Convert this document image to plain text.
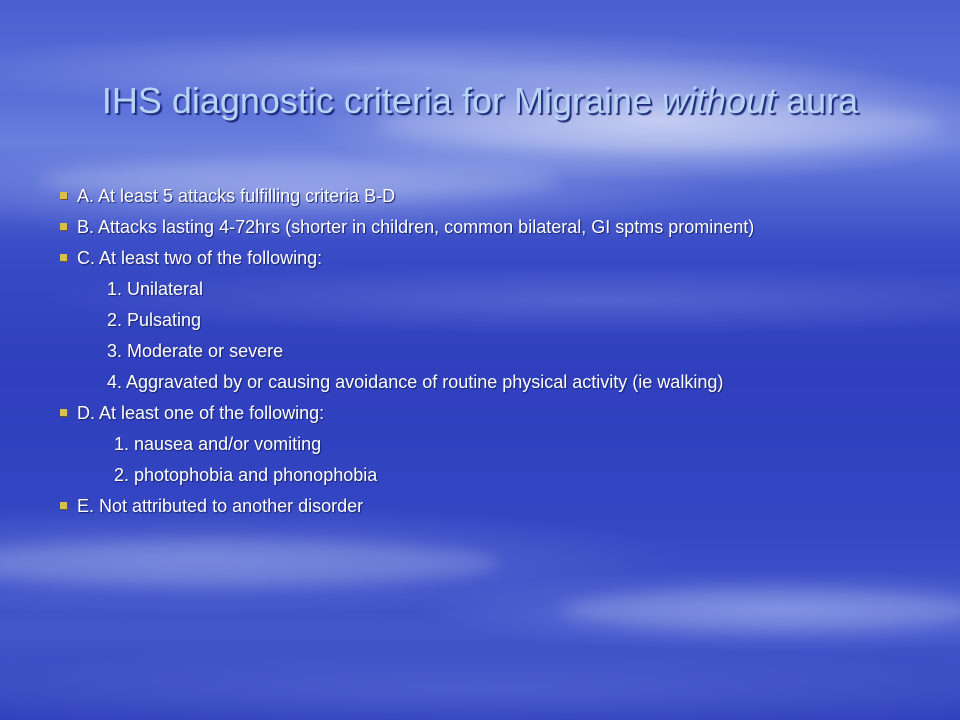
IHS diagnostic criteria for Migraine without aura
A. At least 5 attacks fulfilling criteria B-D
B. Attacks lasting 4-72hrs (shorter in children, common bilateral, GI sptms prominent)
C. At least two of the following:
1. Unilateral
2. Pulsating
3. Moderate or severe
4. Aggravated by or causing avoidance of routine physical activity (ie walking)
D. At least one of the following:
1. nausea and/or vomiting
2. photophobia and phonophobia
E. Not attributed to another disorder
